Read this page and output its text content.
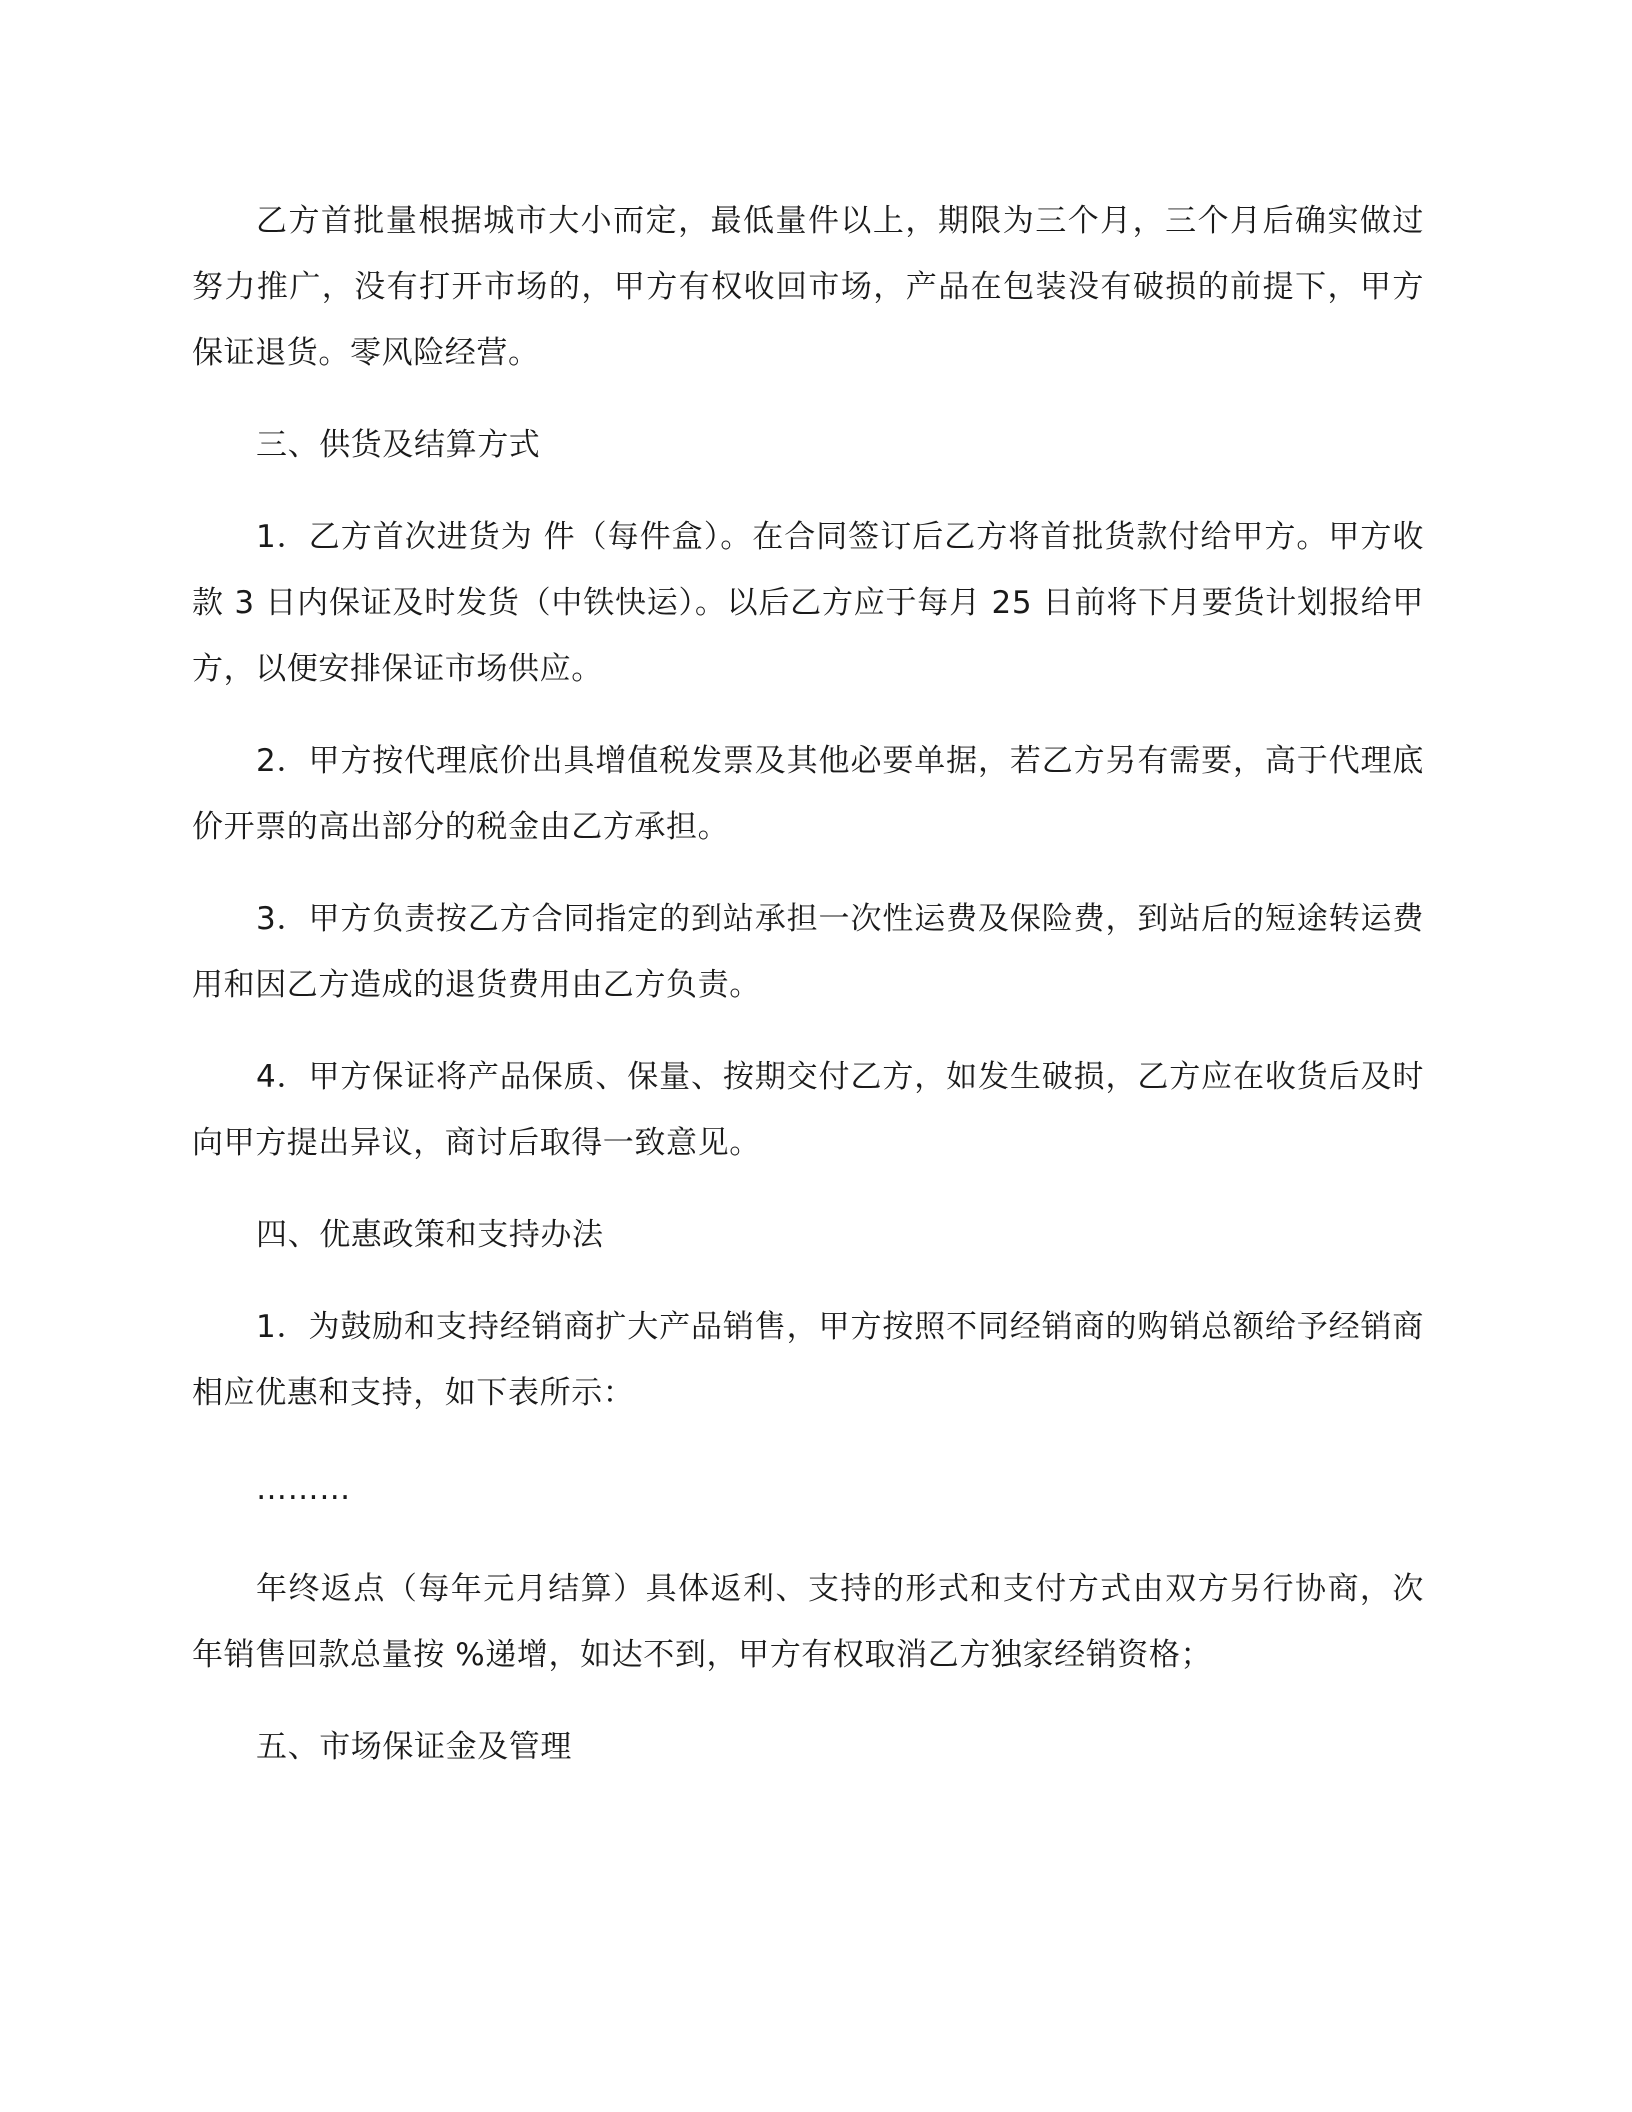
乙方首批量根据城市大小而定，最低量件以上，期限为三个月，三个月后确实做过努力推广，没有打开市场的，甲方有权收回市场，产品在包装没有破损的前提下，甲方保证退货。零风险经营。

三、供货及结算方式

1．乙方首次进货为 件（每件盒）。在合同签订后乙方将首批货款付给甲方。甲方收款 3 日内保证及时发货（中铁快运）。以后乙方应于每月 25 日前将下月要货计划报给甲方，以便安排保证市场供应。

2．甲方按代理底价出具增值税发票及其他必要单据，若乙方另有需要，高于代理底价开票的高出部分的税金由乙方承担。

3．甲方负责按乙方合同指定的到站承担一次性运费及保险费，到站后的短途转运费用和因乙方造成的退货费用由乙方负责。

4．甲方保证将产品保质、保量、按期交付乙方，如发生破损，乙方应在收货后及时向甲方提出异议，商讨后取得一致意见。

四、优惠政策和支持办法

1．为鼓励和支持经销商扩大产品销售，甲方按照不同经销商的购销总额给予经销商相应优惠和支持，如下表所示：

………

年终返点（每年元月结算）具体返利、支持的形式和支付方式由双方另行协商，次年销售回款总量按 %递增，如达不到，甲方有权取消乙方独家经销资格；

五、市场保证金及管理
